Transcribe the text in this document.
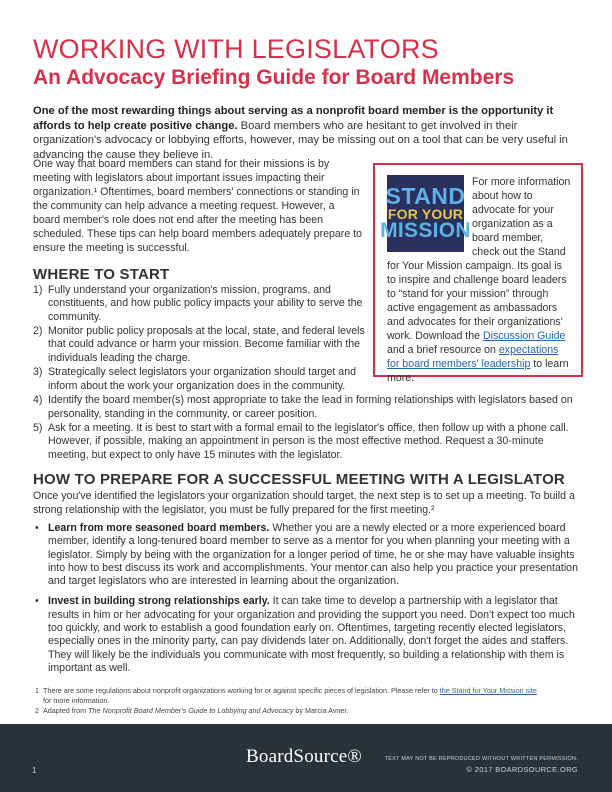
WORKING WITH LEGISLATORS
An Advocacy Briefing Guide for Board Members

One of the most rewarding things about serving as a nonprofit board member is the opportunity it affords to help create positive change. Board members who are hesitant to get involved in their organization's advocacy or lobbying efforts, however, may be missing out on a tool that can be very useful in advancing the cause they believe in.

One way that board members can stand for their missions is by meeting with legislators about important issues impacting their organization.¹ Oftentimes, board members' connections or standing in the community can help advance a meeting request. However, a board member's role does not end after the meeting has been scheduled. These tips can help board members adequately prepare to ensure the meeting is successful.

STAND
FOR YOUR
MISSION
For more information about how to advocate for your organization as a board member, check out the Stand for Your Mission campaign. Its goal is to inspire and challenge board leaders to “stand for your mission” through active engagement as ambassadors and advocates for their organizations' work. Download the Discussion Guide and a brief resource on expectations for board members' leadership to learn more.
WHERE TO START
1) Fully understand your organization's mission, programs, and constituents, and how public policy impacts your ability to serve the community.
2) Monitor public policy proposals at the local, state, and federal levels that could advance or harm your mission. Become familiar with the individuals leading the charge.
3) Strategically select legislators your organization should target and inform about the work your organization does in the community.
4) Identify the board member(s) most appropriate to take the lead in forming relationships with legislators based on personality, standing in the community, or career position.
5) Ask for a meeting. It is best to start with a formal email to the legislator's office, then follow up with a phone call. However, if possible, making an appointment in person is the most effective method. Request a 30-minute meeting, but expect to only have 15 minutes with the legislator.
HOW TO PREPARE FOR A SUCCESSFUL MEETING WITH A LEGISLATOR

Once you've identified the legislators your organization should target, the next step is to set up a meeting. To build a strong relationship with the legislator, you must be fully prepared for the first meeting.²

• Learn from more seasoned board members. Whether you are a newly elected or a more experienced board member, identify a long-tenured board member to serve as a mentor for you when planning your meeting with a legislator. Simply by being with the organization for a longer period of time, he or she may have valuable insights into how to best discuss its work and accomplishments. Your mentor can also help you practice your presentation and target legislators who are interested in learning about the organization.
• Invest in building strong relationships early. It can take time to develop a partnership with a legislator that results in him or her advocating for your organization and providing the support you need. Don't expect too much too quickly, and work to establish a good foundation early on. Oftentimes, targeting recently elected legislators, especially ones in the minority party, can pay dividends later on. Additionally, don't forget the aides and staffers. They will likely be the individuals you communicate with most frequently, so building a relationship with them is important as well.
1 There are some regulations about nonprofit organizations working for or against specific pieces of legislation. Please refer to the Stand for Your Mission site
for more information.
2 Adapted from The Nonprofit Board Member's Guide to Lobbying and Advocacy by Marcia Avner.
1
BoardSource®	TEXT MAY NOT BE REPRODUCED WITHOUT WRITTEN PERMISSION.
© 2017 BOARDSOURCE.ORG
